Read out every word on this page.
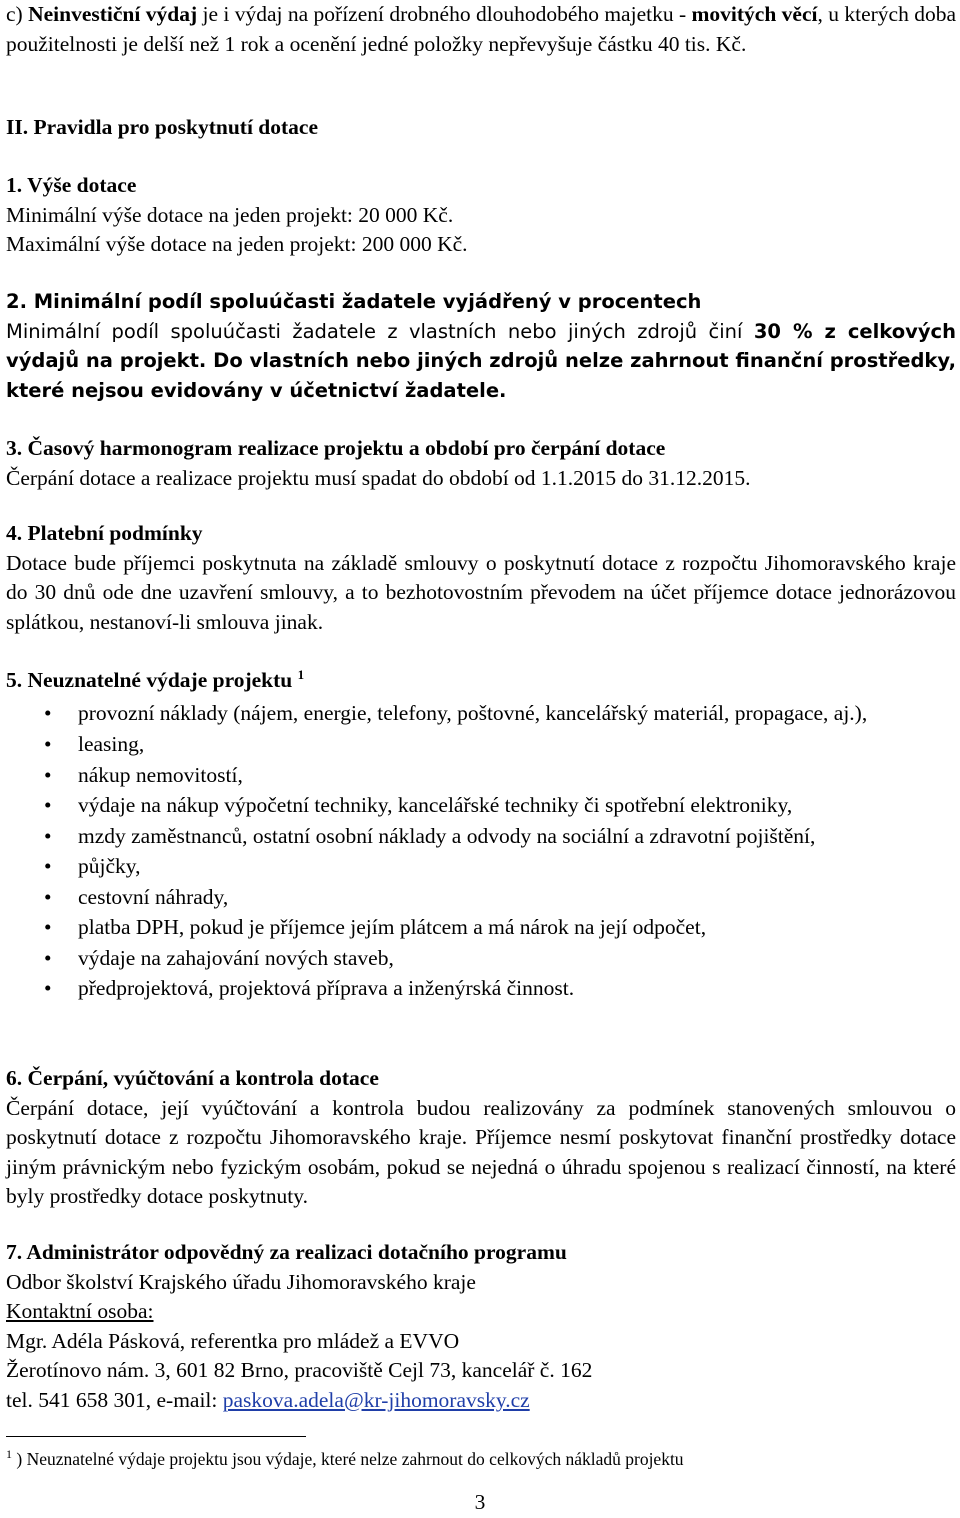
c) Neinvestiční výdaj je i výdaj na pořízení drobného dlouhodobého majetku - movitých věcí, u kterých doba použitelnosti je delší než 1 rok a ocenění jedné položky nepřevyšuje částku 40 tis. Kč.

II. Pravidla pro poskytnutí dotace

1. Výše dotace

Minimální výše dotace na jeden projekt: 20 000 Kč.

Maximální výše dotace na jeden projekt: 200 000 Kč.

2. Minimální podíl spoluúčasti žadatele vyjádřený v procentech

Minimální podíl spoluúčasti žadatele z vlastních nebo jiných zdrojů činí 30 % z celkových výdajů na projekt. Do vlastních nebo jiných zdrojů nelze zahrnout finanční prostředky, které nejsou evidovány v účetnictví žadatele.

3. Časový harmonogram realizace projektu a období pro čerpání dotace

Čerpání dotace a realizace projektu musí spadat do období od 1.1.2015 do 31.12.2015.

4. Platební podmínky

Dotace bude příjemci poskytnuta na základě smlouvy o poskytnutí dotace z rozpočtu Jihomoravského kraje do 30 dnů ode dne uzavření smlouvy, a to bezhotovostním převodem na účet příjemce dotace jednorázovou splátkou, nestanoví-li smlouva jinak.

5. Neuznatelné výdaje projektu $^1$

• provozní náklady (nájem, energie, telefony, poštovné, kancelářský materiál, propagace, aj.),
• leasing,
• nákup nemovitostí,
• výdaje na nákup výpočetní techniky, kancelářské techniky či spotřební elektroniky,
• mzdy zaměstnanců, ostatní osobní náklady a odvody na sociální a zdravotní pojištění,
• půjčky,
• cestovní náhrady,
• platba DPH, pokud je příjemce jejím plátcem a má nárok na její odpočet,
• výdaje na zahajování nových staveb,
• předprojektová, projektová příprava a inženýrská činnost.

6. Čerpání, vyúčtování a kontrola dotace

Čerpání dotace, její vyúčtování a kontrola budou realizovány za podmínek stanovených smlouvou o poskytnutí dotace z rozpočtu Jihomoravského kraje. Příjemce nesmí poskytovat finanční prostředky dotace jiným právnickým nebo fyzickým osobám, pokud se nejedná o úhradu spojenou s realizací činností, na které byly prostředky dotace poskytnuty.

7. Administrátor odpovědný za realizaci dotačního programu

Odbor školství Krajského úřadu Jihomoravského kraje

Kontaktní osoba:

Mgr. Adéla Pásková, referentka pro mládež a EVVO

Žerotínovo nám. 3, 601 82 Brno, pracoviště Cejl 73, kancelář č. 162

tel. 541 658 301, e-mail: paskova.adela@kr-jihomoravsky.cz

$^1$ ) Neuznatelné výdaje projektu jsou výdaje, které nelze zahrnout do celkových nákladů projektu

3
